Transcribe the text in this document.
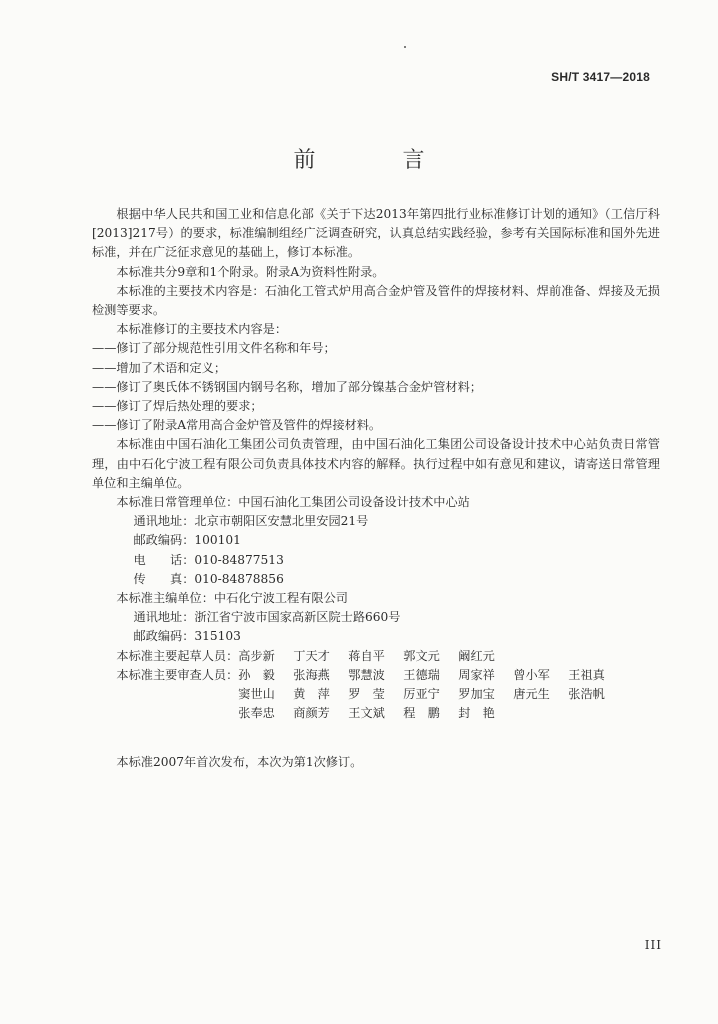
SH/T 3417—2018
前 言

根据中华人民共和国工业和信息化部《关于下达2013年第四批行业标准修订计划的通知》（工信厅科[2013]217号）的要求，标准编制组经广泛调查研究，认真总结实践经验，参考有关国际标准和国外先进标准，并在广泛征求意见的基础上，修订本标准。

本标准共分9章和1个附录。附录A为资料性附录。

本标准的主要技术内容是：石油化工管式炉用高合金炉管及管件的焊接材料、焊前准备、焊接及无损检测等要求。

本标准修订的主要技术内容是：

——修订了部分规范性引用文件名称和年号；

——增加了术语和定义；

——修订了奥氏体不锈钢国内钢号名称，增加了部分镍基合金炉管材料；

——修订了焊后热处理的要求；

——修订了附录A常用高合金炉管及管件的焊接材料。

本标准由中国石油化工集团公司负责管理，由中国石油化工集团公司设备设计技术中心站负责日常管理，由中石化宁波工程有限公司负责具体技术内容的解释。执行过程中如有意见和建议，请寄送日常管理单位和主编单位。

本标准日常管理单位：中国石油化工集团公司设备设计技术中心站

通讯地址：北京市朝阳区安慧北里安园21号

邮政编码：100101

电　　话：010-84877513

传　　真：010-84878856

本标准主编单位：中石化宁波工程有限公司

通讯地址：浙江省宁波市国家高新区院士路660号

邮政编码：315103

本标准主要起草人员： 高步新	丁天才	蒋自平	郭文元	阚红元
本标准主要审查人员： 孙　毅	张海燕	鄂慧波	王德瑞	周家祥	曾小军	王祖真
窦世山	黄　萍	罗　莹	厉亚宁	罗加宝	唐元生	张浩帆
张奉忠	商颜芳	王文斌	程　鹏	封　艳

本标准2007年首次发布，本次为第1次修订。

III
